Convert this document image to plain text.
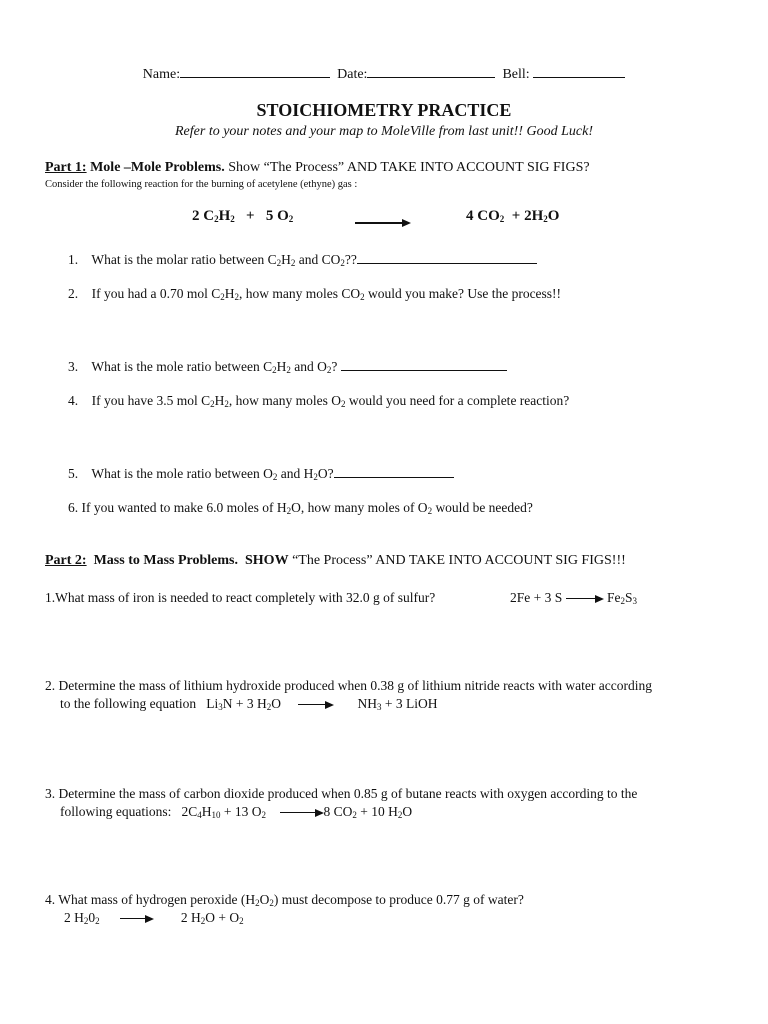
Name:	Date:	Bell:
STOICHIOMETRY PRACTICE
Refer to your notes and your map to MoleVille from last unit!! Good Luck!
Part 1: Mole –Mole Problems. Show “The Process” AND TAKE INTO ACCOUNT SIG FIGS?
Consider the following reaction for the burning of acetylene (ethyne) gas :
2 $C_2H_2 + 5$ $O_2$	4 $CO_2 + 2H_2O$
1. What is the molar ratio between $C_2H_2$ and $CO_2$??
2. If you had a 0.70 mol $C_2H_2$, how many moles $CO_2$ would you make? Use the process!!
3. What is the mole ratio between $C_2H_2$ and $O_2$?
4. If you have 3.5 mol $C_2H_2$, how many moles $O_2$ would you need for a complete reaction?
5. What is the mole ratio between $O_2$ and $H_2O$?
6. If you wanted to make 6.0 moles of $H_2O$, how many moles of $O_2$ would be needed?
Part 2: Mass to Mass Problems. SHOW “The Process” AND TAKE INTO ACCOUNT SIG FIGS!!!
1.What mass of iron is needed to react completely with 32.0 g of sulfur?	2Fe + 3 S	$Fe_2S_3$
2. Determine the mass of lithium hydroxide produced when 0.38 g of lithium nitride reacts with water according
to the following equation $Li_3N + 3$ $H_2O$	$NH_3 + 3$ LiOH
3. Determine the mass of carbon dioxide produced when 0.85 g of butane reacts with oxygen according to the
following equations: $2C_4H_{10} + 13$ $O_2$	8 $CO_2 + 10$ $H_2O$
4. What mass of hydrogen peroxide $(H_2O_2)$ must decompose to produce 0.77 g of water?
2 $H_20_2$	2 $H_2O + O_2$
